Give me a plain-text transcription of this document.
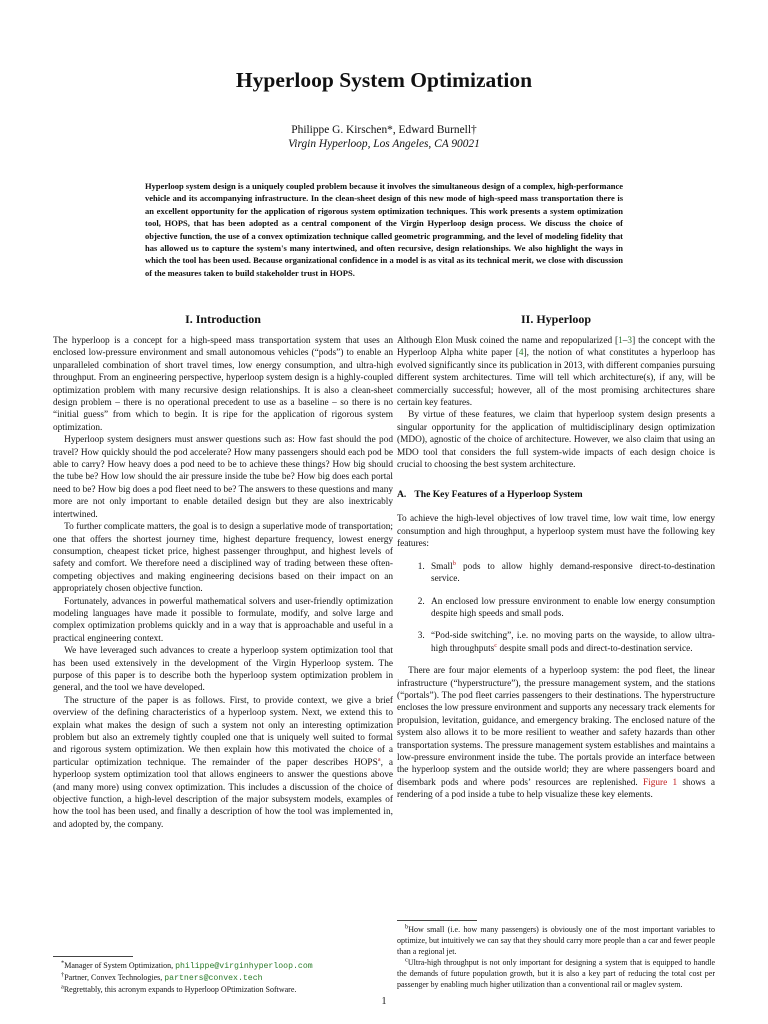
Hyperloop System Optimization
Philippe G. Kirschen*, Edward Burnell†
Virgin Hyperloop, Los Angeles, CA 90021

Hyperloop system design is a uniquely coupled problem because it involves the simultaneous design of a complex, high-performance vehicle and its accompanying infrastructure. In the clean-sheet design of this new mode of high-speed mass transportation there is an excellent opportunity for the application of rigorous system optimization techniques. This work presents a system optimization tool, HOPS, that has been adopted as a central component of the Virgin Hyperloop design process. We discuss the choice of objective function, the use of a convex optimization technique called geometric programming, and the level of modeling fidelity that has allowed us to capture the system's many intertwined, and often recursive, design relationships. We also highlight the ways in which the tool has been used. Because organizational confidence in a model is as vital as its technical merit, we close with discussion of the measures taken to build stakeholder trust in HOPS.

I. Introduction

The hyperloop is a concept for a high-speed mass transportation system that uses an enclosed low-pressure environment and small autonomous vehicles (“pods”) to enable an unparalleled combination of short travel times, low energy consumption, and ultra-high throughput. From an engineering perspective, hyperloop system design is a highly-coupled optimization problem with many recursive design relationships. It is also a clean-sheet design problem – there is no operational precedent to use as a baseline – so there is no “initial guess” from which to begin. It is ripe for the application of rigorous system optimization.

Hyperloop system designers must answer questions such as: How fast should the pod travel? How quickly should the pod accelerate? How many passengers should each pod be able to carry? How heavy does a pod need to be to achieve these things? How big should the tube be? How low should the air pressure inside the tube be? How big does each portal need to be? How big does a pod fleet need to be? The answers to these questions and many more are not only important to enable detailed design but they are also inextricably intertwined.

To further complicate matters, the goal is to design a superlative mode of transportation; one that offers the shortest journey time, highest departure frequency, lowest energy consumption, cheapest ticket price, highest passenger throughput, and highest levels of safety and comfort. We therefore need a disciplined way of trading between these often-competing objectives and making engineering decisions based on their impact on an appropriately chosen objective function.

Fortunately, advances in powerful mathematical solvers and user-friendly optimization modeling languages have made it possible to formulate, modify, and solve large and complex optimization problems quickly and in a way that is approachable and useful in a practical engineering context.

We have leveraged such advances to create a hyperloop system optimization tool that has been used extensively in the development of the Virgin Hyperloop system. The purpose of this paper is to describe both the hyperloop system optimization problem in general, and the tool we have developed.

The structure of the paper is as follows. First, to provide context, we give a brief overview of the defining characteristics of a hyperloop system. Next, we extend this to explain what makes the design of such a system not only an interesting optimization problem but also an extremely tightly coupled one that is uniquely well suited to formal and rigorous system optimization. We then explain how this motivated the choice of a particular optimization technique. The remainder of the paper describes HOPS$^a$, a hyperloop system optimization tool that allows engineers to answer the questions above (and many more) using convex optimization. This includes a discussion of the choice of objective function, a high-level description of the major subsystem models, examples of how the tool has been used, and finally a description of how the tool was implemented in, and adopted by, the company.

II. Hyperloop

Although Elon Musk coined the name and repopularized [1–3] the concept with the Hyperloop Alpha white paper [4], the notion of what constitutes a hyperloop has evolved significantly since its publication in 2013, with different companies pursuing different system architectures. Time will tell which architecture(s), if any, will be commercially successful; however, all of the most promising architectures share certain key features.

By virtue of these features, we claim that hyperloop system design presents a singular opportunity for the application of multidisciplinary design optimization (MDO), agnostic of the choice of architecture. However, we also claim that using an MDO tool that considers the full system-wide impacts of each design choice is crucial to choosing the best system architecture.

A. The Key Features of a Hyperloop System

To achieve the high-level objectives of low travel time, low wait time, low energy consumption and high throughput, a hyperloop system must have the following key features:

1. Small$^b$ pods to allow highly demand-responsive direct-to-destination service.
2. An enclosed low pressure environment to enable low energy consumption despite high speeds and small pods.
3. “Pod-side switching”, i.e. no moving parts on the wayside, to allow ultra-high throughputs$^c$ despite small pods and direct-to-destination service.

There are four major elements of a hyperloop system: the pod fleet, the linear infrastructure (“hyperstructure”), the pressure management system, and the stations (“portals”). The pod fleet carries passengers to their destinations. The hyperstructure encloses the low pressure environment and supports any necessary track elements for propulsion, levitation, guidance, and emergency braking. The enclosed nature of the system also allows it to be more resilient to weather and safety hazards than other transportation systems. The pressure management system establishes and maintains a low-pressure environment inside the tube. The portals provide an interface between the hyperloop system and the outside world; they are where passengers board and disembark pods and where pods’ resources are replenished. Figure 1 shows a rendering of a pod inside a tube to help visualize these key elements.

*Manager of System Optimization, philippe@virginhyperloop.com

†Partner, Convex Technologies, partners@convex.tech

$^a$Regrettably, this acronym expands to Hyperloop OPtimization Software.

$^b$How small (i.e. how many passengers) is obviously one of the most important variables to optimize, but intuitively we can say that they should carry more people than a car and fewer people than a regional jet.

$^c$Ultra-high throughput is not only important for designing a system that is equipped to handle the demands of future population growth, but it is also a key part of reducing the total cost per passenger by enabling much higher utilization than a conventional rail or maglev system.

1
